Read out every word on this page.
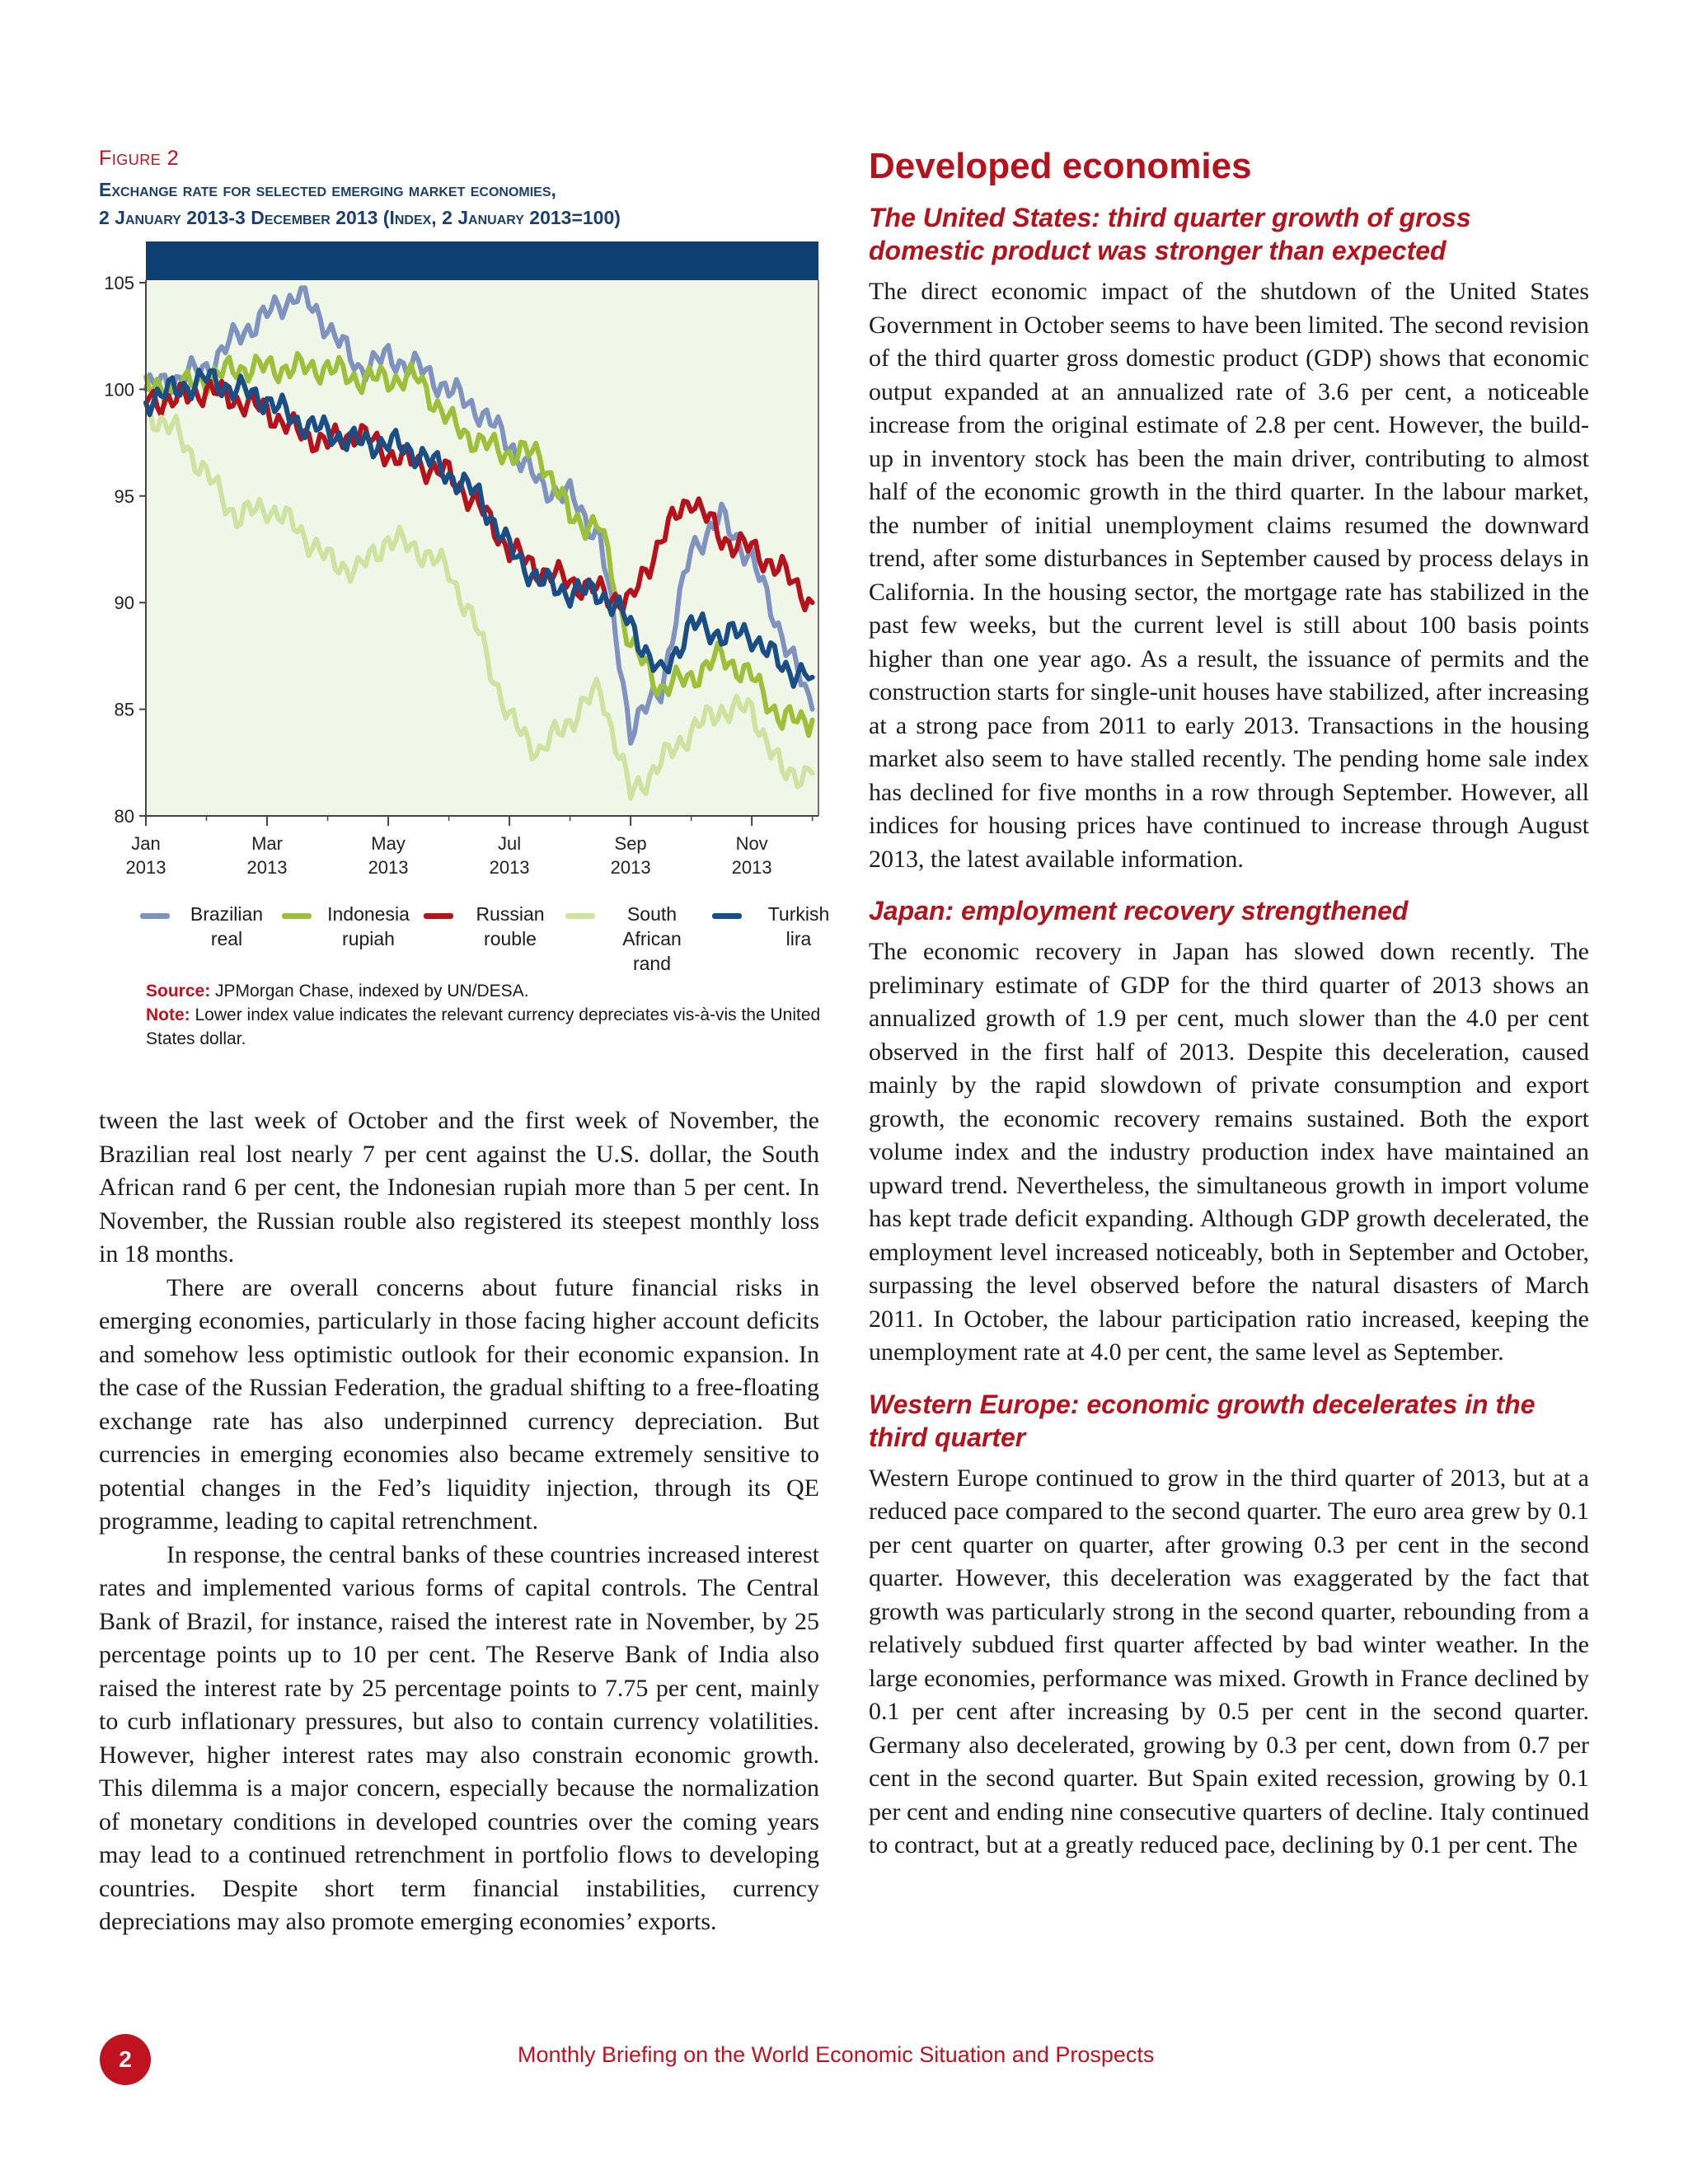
Figure 2
Exchange rate for selected emerging market economies,
2 January 2013-3 December 2013 (Index, 2 January 2013=100)
105
100
95
90
85
80
Jan
2013
Mar
2013
May
2013
Jul
2013
Sep
2013
Nov
2013
Brazilian
real
Indonesia
rupiah
Russian
rouble
South
African
rand
Turkish
lira
Source: JPMorgan Chase, indexed by UN/DESA.
Note: Lower index value indicates the relevant currency depreciates vis-à-vis the United States dollar.

tween the last week of October and the first week of November, the Brazilian real lost nearly 7 per cent against the U.S. dollar, the South African rand 6 per cent, the Indonesian rupiah more than 5 per cent. In November, the Russian rouble also registered its steepest monthly loss in 18 months.

There are overall concerns about future financial risks in emerging economies, particularly in those facing higher account deficits and somehow less optimistic outlook for their economic expansion. In the case of the Russian Federation, the gradual shifting to a free-floating exchange rate has also underpinned currency depreciation. But currencies in emerging economies also became extremely sensitive to potential changes in the Fed’s liquidity injection, through its QE programme, leading to capital retrenchment.

In response, the central banks of these countries increased interest rates and implemented various forms of capital controls. The Central Bank of Brazil, for instance, raised the interest rate in November, by 25 percentage points up to 10 per cent. The Reserve Bank of India also raised the interest rate by 25 percentage points to 7.75 per cent, mainly to curb inflationary pressures, but also to contain currency volatilities. However, higher interest rates may also constrain economic growth. This dilemma is a major concern, especially because the normalization of monetary conditions in developed countries over the coming years may lead to a continued retrenchment in portfolio flows to developing countries. Despite short term financial instabilities, currency depreciations may also promote emerging economies’ exports.

Developed economies
The United States: third quarter growth of gross domestic product was stronger than expected

The direct economic impact of the shutdown of the United States Government in October seems to have been limited. The second revision of the third quarter gross domestic product (GDP) shows that economic output expanded at an annualized rate of 3.6 per cent, a noticeable increase from the original estimate of 2.8 per cent. However, the build-up in inventory stock has been the main driver, contributing to almost half of the economic growth in the third quarter. In the labour market, the number of initial unemployment claims resumed the downward trend, after some disturbances in September caused by process delays in California. In the housing sector, the mortgage rate has stabilized in the past few weeks, but the current level is still about 100 basis points higher than one year ago. As a result, the issuance of permits and the construction starts for single-unit houses have stabilized, after increasing at a strong pace from 2011 to early 2013. Transactions in the housing market also seem to have stalled recently. The pending home sale index has declined for five months in a row through September. However, all indices for housing prices have continued to increase through August 2013, the latest available information.

Japan: employment recovery strengthened

The economic recovery in Japan has slowed down recently. The preliminary estimate of GDP for the third quarter of 2013 shows an annualized growth of 1.9 per cent, much slower than the 4.0 per cent observed in the first half of 2013. Despite this deceleration, caused mainly by the rapid slowdown of private consumption and export growth, the economic recovery remains sustained. Both the export volume index and the industry production index have maintained an upward trend. Nevertheless, the simultaneous growth in import volume has kept trade deficit expanding. Although GDP growth decelerated, the employment level increased noticeably, both in September and October, surpassing the level observed before the natural disasters of March 2011. In October, the labour participation ratio increased, keeping the unemployment rate at 4.0 per cent, the same level as September.

Western Europe: economic growth decelerates in the third quarter

Western Europe continued to grow in the third quarter of 2013, but at a reduced pace compared to the second quarter. The euro area grew by 0.1 per cent quarter on quarter, after growing 0.3 per cent in the second quarter. However, this deceleration was exaggerated by the fact that growth was particularly strong in the second quarter, rebounding from a relatively subdued first quarter affected by bad winter weather. In the large economies, performance was mixed. Growth in France declined by 0.1 per cent after increasing by 0.5 per cent in the second quarter. Germany also decelerated, growing by 0.3 per cent, down from 0.7 per cent in the second quarter. But Spain exited recession, growing by 0.1 per cent and ending nine consecutive quarters of decline. Italy continued to contract, but at a greatly reduced pace, declining by 0.1 per cent. The

2	Monthly Briefing on the World Economic Situation and Prospects
